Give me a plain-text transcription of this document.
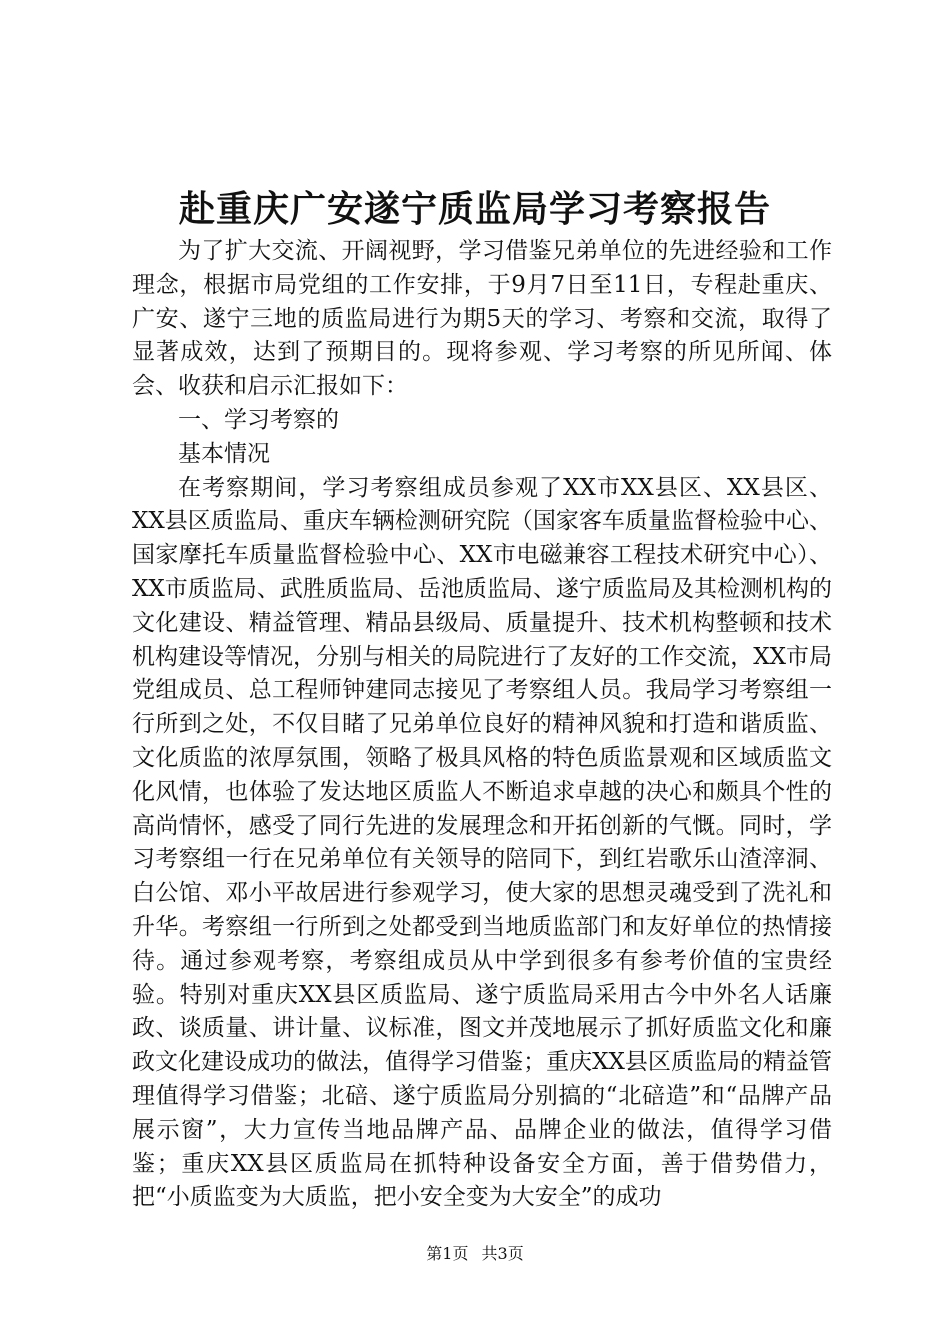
赴重庆广安遂宁质监局学习考察报告

为了扩大交流、开阔视野，学习借鉴兄弟单位的先进经验和工作理念，根据市局党组的工作安排，于9月7日至11日，专程赴重庆、广安、遂宁三地的质监局进行为期5天的学习、考察和交流，取得了显著成效，达到了预期目的。现将参观、学习考察的所见所闻、体会、收获和启示汇报如下：

一、学习考察的

基本情况

在考察期间，学习考察组成员参观了XX市XX县区、XX县区、XX县区质监局、重庆车辆检测研究院（国家客车质量监督检验中心、国家摩托车质量监督检验中心、XX市电磁兼容工程技术研究中心）、XX市质监局、武胜质监局、岳池质监局、遂宁质监局及其检测机构的文化建设、精益管理、精品县级局、质量提升、技术机构整顿和技术机构建设等情况，分别与相关的局院进行了友好的工作交流，XX市局党组成员、总工程师钟建同志接见了考察组人员。我局学习考察组一行所到之处，不仅目睹了兄弟单位良好的精神风貌和打造和谐质监、文化质监的浓厚氛围，领略了极具风格的特色质监景观和区域质监文化风情，也体验了发达地区质监人不断追求卓越的决心和颇具个性的高尚情怀，感受了同行先进的发展理念和开拓创新的气慨。同时，学习考察组一行在兄弟单位有关领导的陪同下，到红岩歌乐山渣滓洞、白公馆、邓小平故居进行参观学习，使大家的思想灵魂受到了洗礼和升华。考察组一行所到之处都受到当地质监部门和友好单位的热情接待。通过参观考察，考察组成员从中学到很多有参考价值的宝贵经验。特别对重庆XX县区质监局、遂宁质监局采用古今中外名人话廉政、谈质量、讲计量、议标准，图文并茂地展示了抓好质监文化和廉政文化建设成功的做法，值得学习借鉴；重庆XX县区质监局的精益管理值得学习借鉴；北碚、遂宁质监局分别搞的“北碚造”和“品牌产品展示窗”，大力宣传当地品牌产品、品牌企业的做法，值得学习借鉴；重庆XX县区质监局在抓特种设备安全方面，善于借势借力，把“小质监变为大质监，把小安全变为大安全”的成功

第1页 共3页
